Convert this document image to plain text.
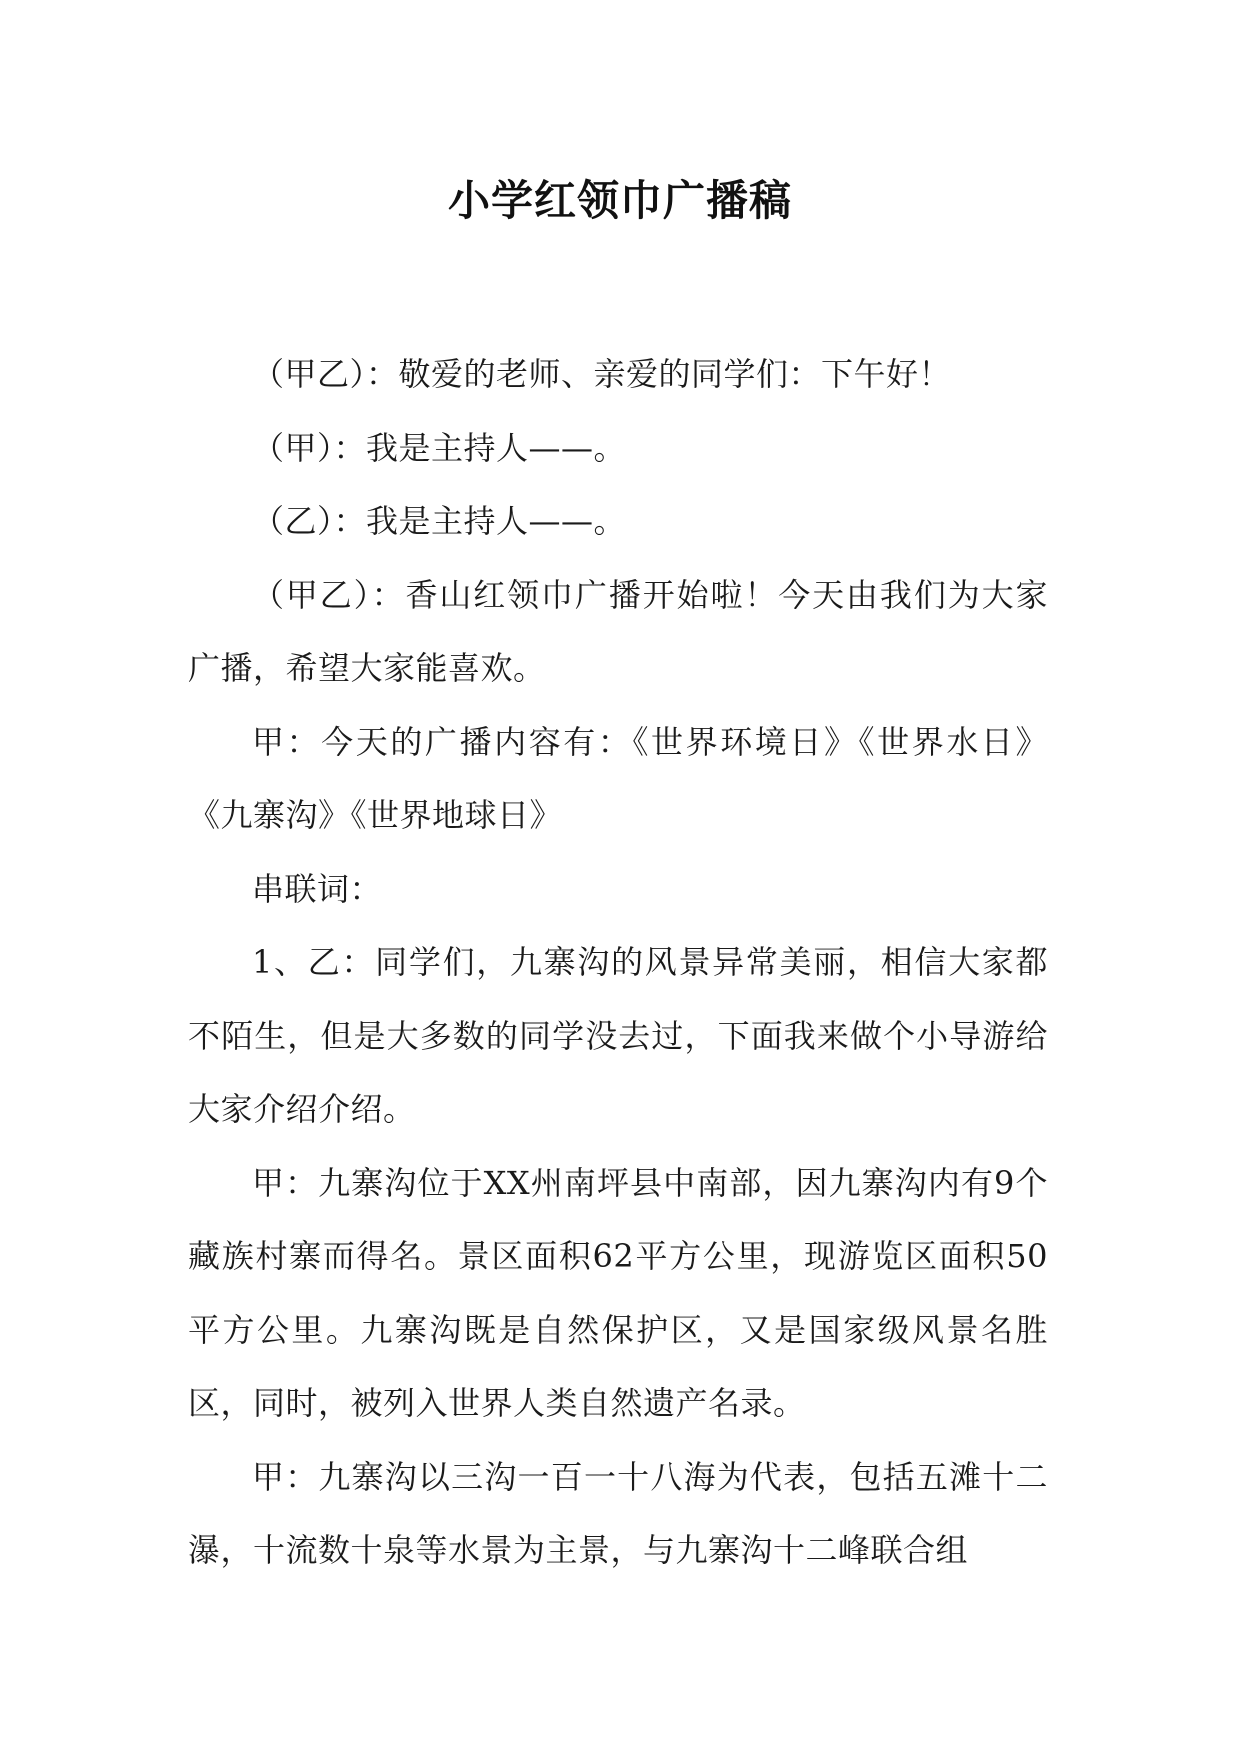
小学红领巾广播稿

（甲乙）：敬爱的老师、亲爱的同学们：下午好！

（甲）：我是主持人——。

（乙）：我是主持人——。

（甲乙）：香山红领巾广播开始啦！今天由我们为大家广播，希望大家能喜欢。

甲：今天的广播内容有：《世界环境日》《世界水日》《九寨沟》《世界地球日》

串联词：

1、乙：同学们，九寨沟的风景异常美丽，相信大家都不陌生，但是大多数的同学没去过，下面我来做个小导游给大家介绍介绍。

甲：九寨沟位于XX州南坪县中南部，因九寨沟内有9个藏族村寨而得名。景区面积62平方公里，现游览区面积50平方公里。九寨沟既是自然保护区，又是国家级风景名胜区，同时，被列入世界人类自然遗产名录。

甲：九寨沟以三沟一百一十八海为代表，包括五滩十二瀑，十流数十泉等水景为主景，与九寨沟十二峰联合组
